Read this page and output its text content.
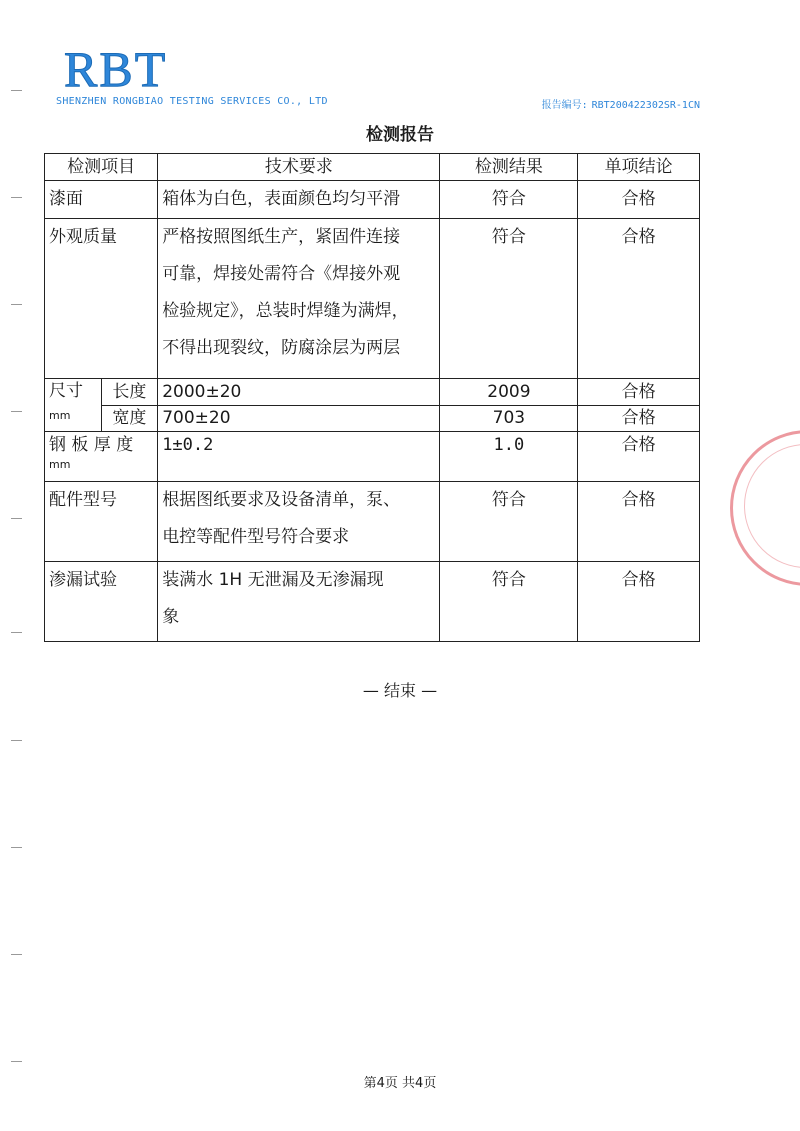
RBT
SHENZHEN RONGBIAO TESTING SERVICES CO., LTD	报告编号: RBT200422302SR-1CN
检测报告
检测项目		技术要求	检测结果	单项结论
漆面		箱体为白色，表面颜色均匀平滑	符合	合格
外观质量		严格按照图纸生产，紧固件连接
可靠，焊接处需符合《焊接外观
检验规定》，总装时焊缝为满焊，
不得出现裂纹，防腐涂层为两层	符合	合格

尺寸
mm	长度	2000±20	2009	合格
	宽度	700±20	703	合格

钢 板 厚 度
mm		1±0.2	1.0	合格
配件型号		根据图纸要求及设备清单，泵、
电控等配件型号符合要求	符合	合格
渗漏试验		装满水 1H 无泄漏及无渗漏现
象	符合	合格
— 结束 —
第4页 共4页
